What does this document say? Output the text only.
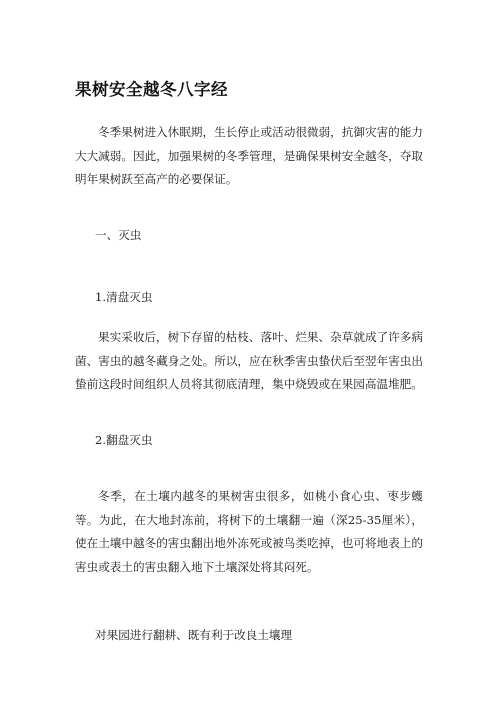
果树安全越冬八字经
冬季果树进入休眠期，生长停止或活动很微弱，抗御灾害的能力大大减弱。因此，加强果树的冬季管理，是确保果树安全越冬，夺取明年果树跃至高产的必要保证。
一、灭虫
1.清盘灭虫
果实采收后，树下存留的枯枝、落叶、烂果、杂草就成了许多病菌、害虫的越冬藏身之处。所以，应在秋季害虫蛰伏后至翌年害虫出蛰前这段时间组织人员将其彻底清理，集中烧毁或在果园高温堆肥。
2.翻盘灭虫
冬季，在土壤内越冬的果树害虫很多，如桃小食心虫、枣步蠖等。为此，在大地封冻前，将树下的土壤翻一遍（深25-35厘米），使在土壤中越冬的害虫翻出地外冻死或被鸟类吃掉，也可将地表上的害虫或表土的害虫翻入地下土壤深处将其闷死。
对果园进行翻耕、既有利于改良土壤理
